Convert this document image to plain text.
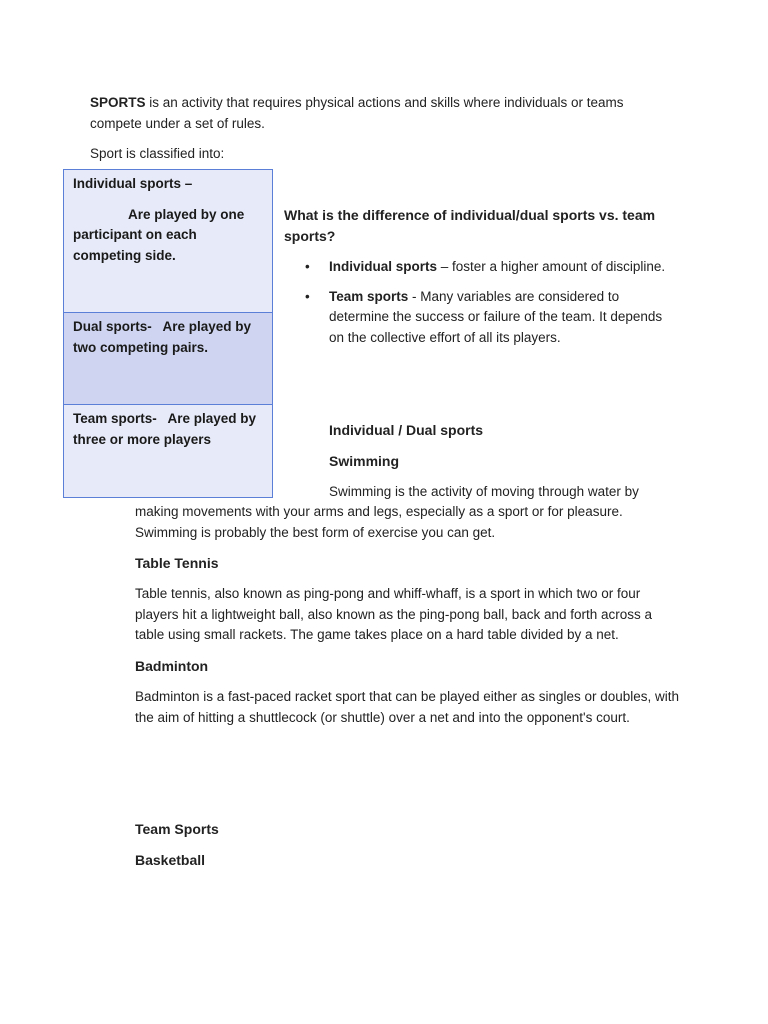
SPORTS is an activity that requires physical actions and skills where individuals or teams compete under a set of rules.

Sport is classified into:

Individual sports –
Are played by one participant on each competing side.
Dual sports-   Are played by two competing pairs.
Team sports-   Are played by three or more players

What is the difference of individual/dual sports vs. team sports?

• Individual sports – foster a higher amount of discipline.
• Team sports - Many variables are considered to determine the success or failure of the team. It depends on the collective effort of all its players.

Individual / Dual sports

Swimming

Swimming is the activity of moving through water by

making movements with your arms and legs, especially as a sport or for pleasure. Swimming is probably the best form of exercise you can get.

Table Tennis

Table tennis, also known as ping-pong and whiff-whaff, is a sport in which two or four players hit a lightweight ball, also known as the ping-pong ball, back and forth across a table using small rackets. The game takes place on a hard table divided by a net.

Badminton

Badminton is a fast-paced racket sport that can be played either as singles or doubles, with the aim of hitting a shuttlecock (or shuttle) over a net and into the opponent's court.

Team Sports

Basketball
